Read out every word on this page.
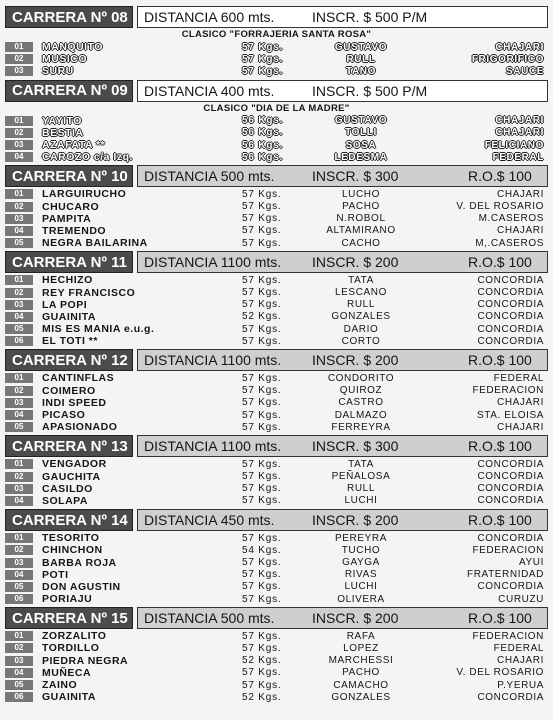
CARRERA Nº 08	DISTANCIA 600 mts.	INSCR. $ 500 P/M
CLASICO "FORRAJERIA SANTA ROSA"
01	MANQUITO	57 Kgs.	GUSTAVO	CHAJARI
02	MUSICO	57 Kgs.	RULL	FRIGORIFICO
03	SURU	57 Kgs.	TANO	SAUCE
CARRERA Nº 09	DISTANCIA 400 mts.	INSCR. $ 500 P/M
CLASICO "DIA DE LA MADRE"
01	YAYITO	56 Kgs.	GUSTAVO	CHAJARI
02	BESTIA	56 Kgs.	TOLLI	CHAJARI
03	AZAFATA **	56 Kgs.	SOSA	FELICIANO
04	CAROZO c/a Izq.	56 Kgs.	LEDESMA	FEDERAL
CARRERA Nº 10	DISTANCIA 500 mts.	INSCR. $ 300	R.O.$ 100
01	LARGUIRUCHO	57 Kgs.	LUCHO	CHAJARI
02	CHUCARO	57 Kgs.	PACHO	V. DEL ROSARIO
03	PAMPITA	57 Kgs.	N.ROBOL	M.CASEROS
04	TREMENDO	57 Kgs.	ALTAMIRANO	CHAJARI
05	NEGRA BAILARINA	57 Kgs.	CACHO	M,.CASEROS
CARRERA Nº 11	DISTANCIA 1100 mts.	INSCR. $ 200	R.O.$ 100
01	HECHIZO	57 Kgs.	TATA	CONCORDIA
02	REY FRANCISCO	57 Kgs.	LESCANO	CONCORDIA
03	LA POPI	57 Kgs.	RULL	CONCORDIA
04	GUAINITA	52 Kgs.	GONZALES	CONCORDIA
05	MIS ES MANIA e.u.g.	57 Kgs.	DARIO	CONCORDIA
06	EL TOTI **	57 Kgs.	CORTO	CONCORDIA
CARRERA Nº 12	DISTANCIA 1100 mts.	INSCR. $ 200	R.O.$ 100
01	CANTINFLAS	57 Kgs.	CONDORITO	FEDERAL
02	COIMERO	57 Kgs.	QUIROZ	FEDERACION
03	INDI SPEED	57 Kgs.	CASTRO	CHAJARI
04	PICASO	57 Kgs.	DALMAZO	STA. ELOISA
05	APASIONADO	57 Kgs.	FERREYRA	CHAJARI
CARRERA Nº 13	DISTANCIA 1100 mts.	INSCR. $ 300	R.O.$ 100
01	VENGADOR	57 Kgs.	TATA	CONCORDIA
02	GAUCHITA	57 Kgs.	PEÑALOSA	CONCORDIA
03	CASILDO	57 Kgs.	RULL	CONCORDIA
04	SOLAPA	57 Kgs.	LUCHI	CONCORDIA
CARRERA Nº 14	DISTANCIA 450 mts.	INSCR. $ 200	R.O.$ 100
01	TESORITO	57 Kgs.	PEREYRA	CONCORDIA
02	CHINCHON	54 Kgs.	TUCHO	FEDERACION
03	BARBA ROJA	57 Kgs.	GAYGA	AYUI
04	POTI	57 Kgs.	RIVAS	FRATERNIDAD
05	DON AGUSTIN	57 Kgs.	LUCHI	CONCORDIA
06	PORIAJU	57 Kgs.	OLIVERA	CURUZU
CARRERA Nº 15	DISTANCIA 500 mts.	INSCR. $ 200	R.O.$ 100
01	ZORZALITO	57 Kgs.	RAFA	FEDERACION
02	TORDILLO	57 Kgs.	LOPEZ	FEDERAL
03	PIEDRA NEGRA	52 Kgs.	MARCHESSI	CHAJARI
04	MUÑECA	57 Kgs.	PACHO	V. DEL ROSARIO
05	ZAINO	57 Kgs.	CAMACHO	P.YERUA
06	GUAINITA	52 Kgs.	GONZALES	CONCORDIA
